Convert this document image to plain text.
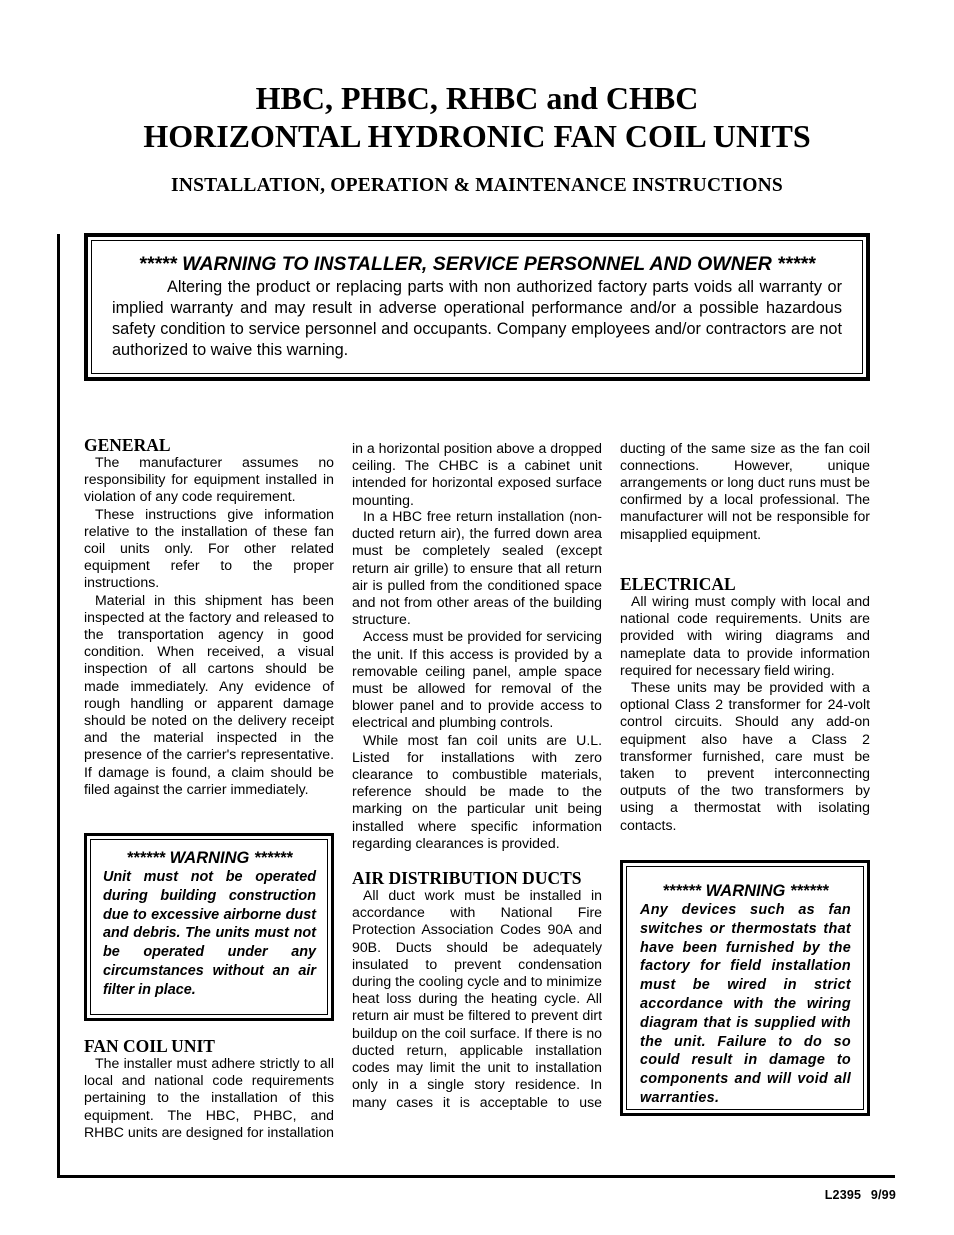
HBC, PHBC, RHBC and CHBC
HORIZONTAL HYDRONIC FAN COIL UNITS
INSTALLATION, OPERATION & MAINTENANCE INSTRUCTIONS

***** WARNING TO INSTALLER, SERVICE PERSONNEL AND OWNER *****

Altering the product or replacing parts with non authorized factory parts voids all warranty or implied warranty and may result in adverse operational performance and/or a possible hazardous safety condition to service personnel and occupants. Company employees and/or contractors are not authorized to waive this warning.

GENERAL

The manufacturer assumes no responsibility for equipment installed in violation of any code requirement.

These instructions give information relative to the installation of these fan coil units only. For other related equipment refer to the proper instructions.

Material in this shipment has been inspected at the factory and released to the transportation agency in good condition. When received, a visual inspection of all cartons should be made immediately. Any evidence of rough handling or apparent damage should be noted on the delivery receipt and the material inspected in the presence of the carrier's representative. If damage is found, a claim should be filed against the carrier immediately.

****** WARNING ******

Unit must not be operated during building construction due to excessive airborne dust and debris. The units must not be operated under any circumstances without an air filter in place.

FAN COIL UNIT

The installer must adhere strictly to all local and national code requirements pertaining to the installation of this equipment. The HBC, PHBC, and RHBC units are designed for installation

in a horizontal position above a dropped ceiling. The CHBC is a cabinet unit intended for horizontal exposed surface mounting.

In a HBC free return installation (non-ducted return air), the furred down area must be completely sealed (except return air grille) to ensure that all return air is pulled from the conditioned space and not from other areas of the building structure.

Access must be provided for servicing the unit. If this access is provided by a removable ceiling panel, ample space must be allowed for removal of the blower panel and to provide access to electrical and plumbing controls.

While most fan coil units are U.L. Listed for installations with zero clearance to combustible materials, reference should be made to the marking on the particular unit being installed where specific information regarding clearances is provided.

AIR DISTRIBUTION DUCTS

All duct work must be installed in accordance with National Fire Protection Association Codes 90A and 90B. Ducts should be adequately insulated to prevent condensation during the cooling cycle and to minimize heat loss during the heating cycle. All return air must be filtered to prevent dirt buildup on the coil surface. If there is no ducted return, applicable installation codes may limit the unit to installation only in a single story residence. In many cases it is acceptable to use

ducting of the same size as the fan coil connections. However, unique arrangements or long duct runs must be confirmed by a local professional. The manufacturer will not be responsible for misapplied equipment.

ELECTRICAL

All wiring must comply with local and national code requirements. Units are provided with wiring diagrams and nameplate data to provide information required for necessary field wiring.

These units may be provided with a optional Class 2 transformer for 24-volt control circuits. Should any add-on equipment also have a Class 2 transformer furnished, care must be taken to prevent interconnecting outputs of the two transformers by using a thermostat with isolating contacts.

****** WARNING ******

Any devices such as fan switches or thermostats that have been furnished by the factory for field installation must be wired in strict accordance with the wiring diagram that is supplied with the unit. Failure to do so could result in damage to components and will void all warranties.

L2395 9/99
